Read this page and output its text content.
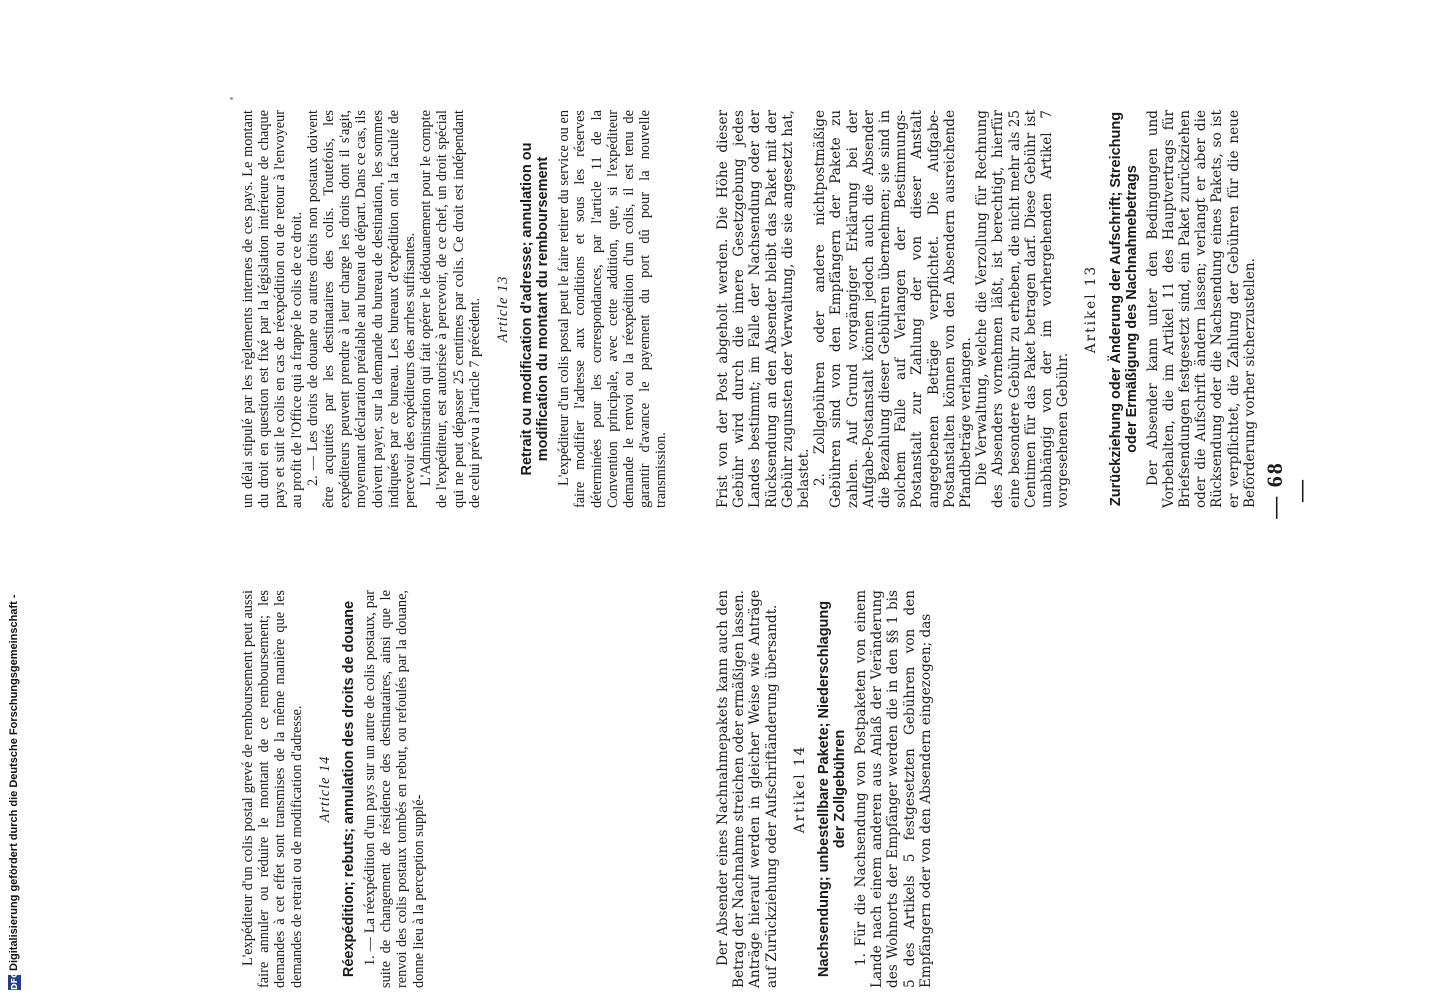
— 68 —

un délai stipulé par les règlements internes de ces pays. Le montant du droit en question est fixé par la législation intérieure de chaque pays et suit le colis en cas de réexpédition ou de retour à l'envoyeur au profit de l'Office qui a frappé le colis de ce droit. 2. — Les droits de douane ou autres droits non postaux doivent être acquittés par les destinataires des colis. Toutefois, les expéditeurs peuvent prendre à leur charge les droits dont il s'agit, moyennant déclaration préalable au bureau de départ. Dans ce cas, ils doivent payer, sur la demande du bureau de destination, les sommes indiquées par ce bureau. Les bureaux d'expédition ont la faculté de percevoir des expéditeurs des arrhes suffisantes. L'Administration qui fait opérer le dédouanement pour le compte de l'expéditeur, est autorisée à percevoir, de ce chef, un droit spécial qui ne peut dépasser 25 centimes par colis. Ce droit est indépendant de celui prévu à l'article 7 précédent. Article 13 Retrait ou modification d'adresse; annulation ou modification du montant du remboursement L'expéditeur d'un colis postal peut le faire retirer du service ou en faire modifier l'adresse aux conditions et sous les réserves déterminées pour les correspondances, par l'article 11 de la Convention principale, avec cette addition, que, si l'expéditeur demande le renvoi ou la réexpédition d'un colis, il est tenu de garantir d'avance le payement du port dû pour la nouvelle transmission.

L'expéditeur d'un colis postal grevé de remboursement peut aussi faire annuler ou réduire le montant de ce remboursement; les demandes à cet effet sont transmises de la même manière que les demandes de retrait ou de modification d'adresse. Article 14 Réexpédition; rebuts; annulation des droits de douane 1. — La réexpédition d'un pays sur un autre de colis postaux, par suite de changement de résidence des destinataires, ainsi que le renvoi des colis postaux tombés en rebut, ou refoulés par la douane, donne lieu à la perception supplé-

Frist von der Post abgeholt werden. Die Höhe dieser Gebühr wird durch die innere Gesetzgebung jedes Landes bestimmt; im Falle der Nachsendung oder der Rücksendung an den Absender bleibt das Paket mit der Gebühr zugunsten der Verwaltung, die sie angesetzt hat, belastet. 2. Zollgebühren oder andere nichtpostmäßige Gebühren sind von den Empfängern der Pakete zu zahlen. Auf Grund vorgängiger Erklärung bei der Aufgabe-Postanstalt können jedoch auch die Absender die Bezahlung dieser Gebühren übernehmen; sie sind in solchem Falle auf Verlangen der Bestimmungs-Postanstalt zur Zahlung der von dieser Anstalt angegebenen Beträge verpflichtet. Die Aufgabe-Postanstalten können von den Absendern ausreichende Pfandbeträge verlangen. Die Verwaltung, welche die Verzollung für Rechnung des Absenders vornehmen läßt, ist berechtigt, hierfür eine besondere Gebühr zu erheben, die nicht mehr als 25 Centimen für das Paket betragen darf. Diese Gebühr ist unabhängig von der im vorhergehenden Artikel 7 vorgesehenen Gebühr.

Artikel 13 Zurückziehung oder Änderung der Aufschrift; Streichung oder Ermäßigung des Nachnahmebetrags Der Absender kann unter den Bedingungen und Vorbehalten, die im Artikel 11 des Hauptvertrags für Briefsendungen festgesetzt sind, ein Paket zurückziehen oder die Aufschrift ändern lassen; verlangt er aber die Rücksendung oder die Nachsendung eines Pakets, so ist er verpflichtet, die Zahlung der Gebühren für die neue Beförderung vorher sicherzustellen.

Der Absender eines Nachnahmepakets kann auch den Betrag der Nachnahme streichen oder ermäßigen lassen. Anträge hierauf werden in gleicher Weise wie Anträge auf Zurückziehung oder Aufschriftänderung übersandt. Artikel 14 Nachsendung; unbestellbare Pakete; Niederschlagung der Zollgebühren 1. Für die Nachsendung von Postpaketen von einem Lande nach einem anderen aus Anlaß der Veränderung des Wohnorts der Empfänger werden die in den §§ 1 bis 5 des Artikels 5 festgesetzten Gebühren von den Empfängern oder von den Absendern eingezogen; das

DFG
Digitalisierung gefördert durch die Deutsche Forschungsgemeinschaft -
